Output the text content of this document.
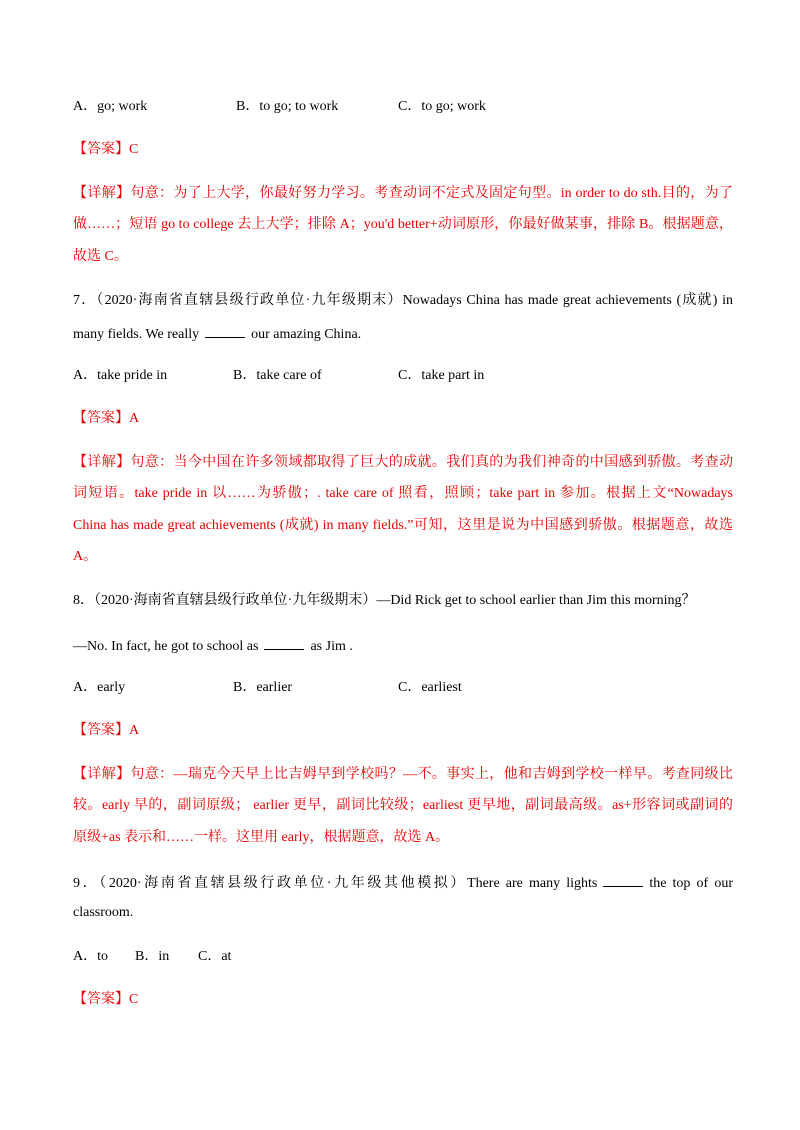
A．go; work	B．to go; to work	C．to go; work
【答案】C
【详解】句意：为了上大学，你最好努力学习。考查动词不定式及固定句型。in order to do sth.目的，为了
做……；短语 go to college 去上大学；排除 A；you'd better+动词原形，你最好做某事，排除 B。根据题意，
故选 C。
7．（2020·海南省直辖县级行政单位·九年级期末）Nowadays China has made great achievements (成就) in
many fields. We really	our amazing China.
A．take pride in	B．take care of	C．take part in
【答案】A
【详解】句意：当今中国在许多领域都取得了巨大的成就。我们真的为我们神奇的中国感到骄傲。考查动
词短语。take pride in 以……为骄傲；. take care of 照看，照顾；take part in 参加。根据上文“Nowadays
China has made great achievements (成就) in many fields.”可知，这里是说为中国感到骄傲。根据题意，故选
A。
8．（2020·海南省直辖县级行政单位·九年级期末）—Did Rick get to school earlier than Jim this morning？
—No. In fact, he got to school as	as Jim .
A．early	B．earlier	C．earliest
【答案】A
【详解】句意：—瑞克今天早上比吉姆早到学校吗？—不。事实上，他和吉姆到学校一样早。考查同级比
较。early 早的，副词原级； earlier 更早，副词比较级；earliest 更早地，副词最高级。as+形容词或副词的
原级+as 表示和……一样。这里用 early，根据题意，故选 A。
9．（2020·海南省直辖县级行政单位·九年级其他模拟）There are many lights	the top of our
classroom.
A．to B．in C．at
【答案】C
